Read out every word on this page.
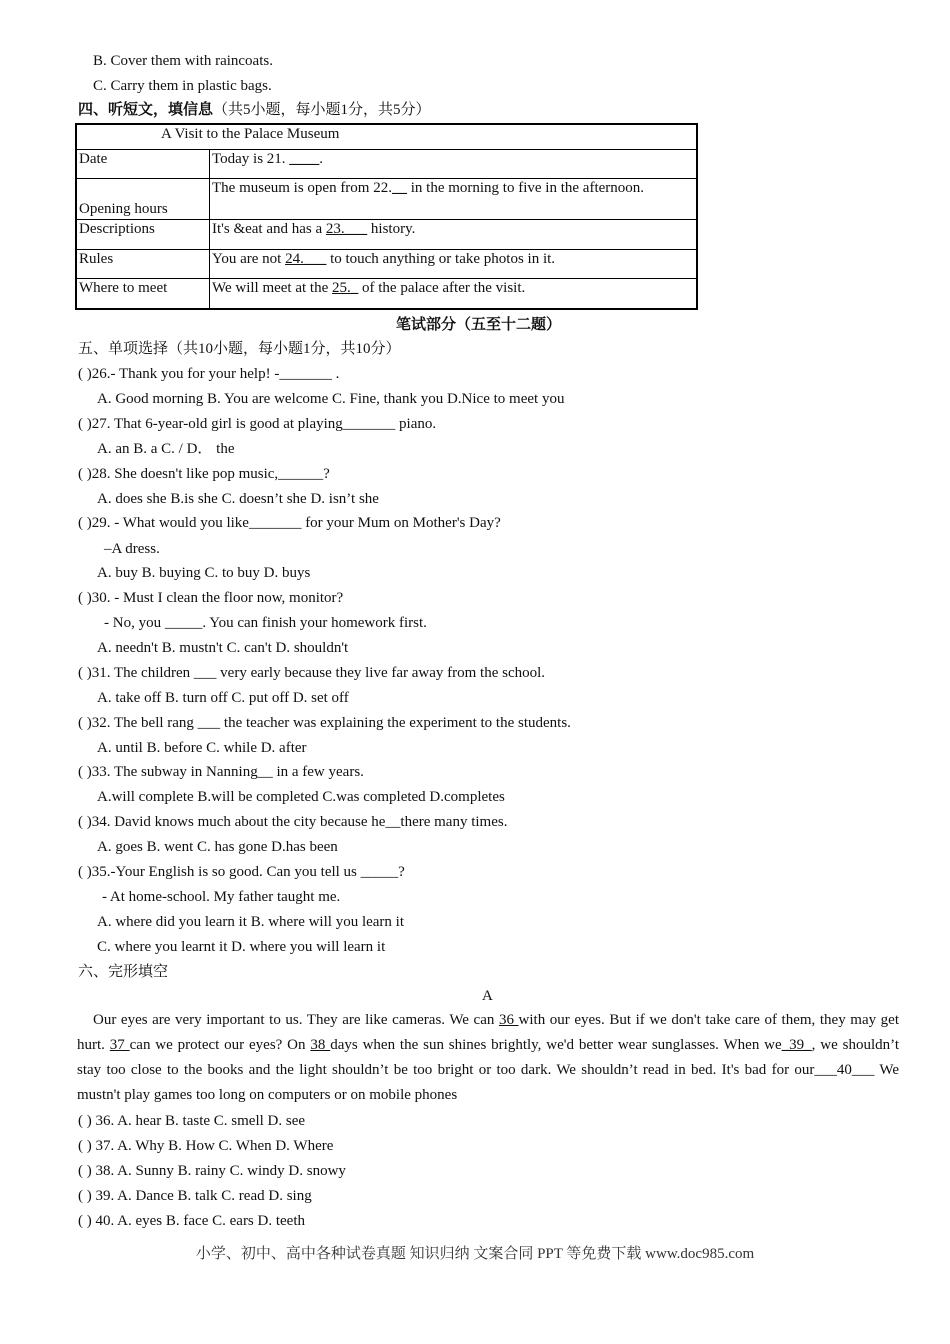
B. Cover them with raincoats.
C. Carry them in plastic bags.
四、听短文，填信息（共5小题，每小题1分，共5分）
A Visit to the Palace Museum	
Date	Today is 21. ____.
Opening hours	The museum is open from 22.__ in the morning to five in the afternoon.
Descriptions	It's &eat and has a 23.___ history.
Rules	You are not 24.___ to touch anything or take photos in it.
Where to meet	We will meet at the 25._ of the palace after the visit.
笔试部分（五至十二题）
五、单项选择（共10小题，每小题1分，共10分）
( )26.- Thank you for your help! -_______ .
A. Good morning B. You are welcome C. Fine, thank you D.Nice to meet you
( )27. That 6-year-old girl is good at playing_______ piano.
A. an B. a C. / D． the
( )28. She doesn't like pop music,______?
A. does she B.is she C. doesn’t she D. isn’t she
( )29. - What would you like_______ for your Mum on Mother's Day?
–A dress.
A. buy B. buying C. to buy D. buys
( )30. - Must I clean the floor now, monitor?
- No, you _____. You can finish your homework first.
A. needn't B. mustn't C. can't D. shouldn't
( )31. The children ___ very early because they live far away from the school.
A. take off B. turn off C. put off D. set off
( )32. The bell rang ___ the teacher was explaining the experiment to the students.
A. until B. before C. while D. after
( )33. The subway in Nanning__ in a few years.
A.will complete B.will be completed C.was completed D.completes
( )34. David knows much about the city because he__there many times.
A. goes B. went C. has gone D.has been
( )35.-Your English is so good. Can you tell us _____?
- At home-school. My father taught me.
A. where did you learn it B. where will you learn it
C. where you learnt it D. where you will learn it
六、完形填空
A
Our eyes are very important to us. They are like cameras. We can 36 with our eyes. But if we don't take care of them, they may get hurt. 37 can we protect our eyes? On 38 days when the sun shines brightly, we'd better wear sunglasses. When we_39_, we shouldn’t stay too close to the books and the light shouldn’t be too bright or too dark. We shouldn’t read in bed. It's bad for our___40___ We mustn't play games too long on computers or on mobile phones
( ) 36. A. hear B. taste C. smell D. see
( ) 37. A. Why B. How C. When D. Where
( ) 38. A. Sunny B. rainy C. windy D. snowy
( ) 39. A. Dance B. talk C. read D. sing
( ) 40. A. eyes B. face C. ears D. teeth
小学、初中、高中各种试卷真题 知识归纳 文案合同 PPT 等免费下载 www.doc985.com
